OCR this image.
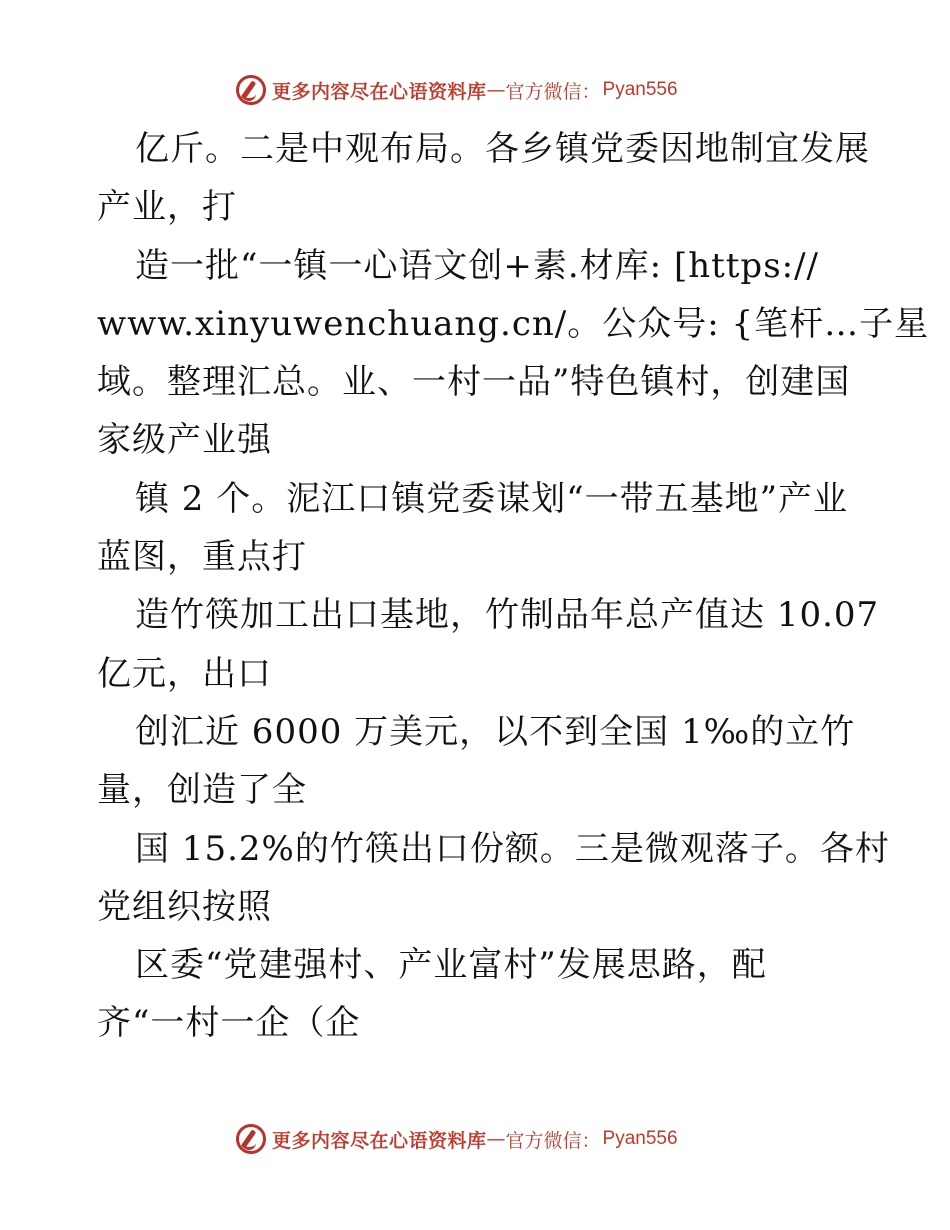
更多内容尽在心语资料库 — 官方微信： Pyan556
亿斤。二是中观布局。各乡镇党委因地制宜发展
产业，打
造一批“一镇一心语文创+素.材库: [https://
www.xinyuwenchuang.cn/。公众号: {笔杆…子星
域。整理汇总。业、一村一品”特色镇村，创建国
家级产业强
镇 2 个。泥江口镇党委谋划“一带五基地”产业
蓝图，重点打
造竹筷加工出口基地，竹制品年总产值达 10.07
亿元，出口
创汇近 6000 万美元，以不到全国 1‰的立竹
量，创造了全
国 15.2%的竹筷出口份额。三是微观落子。各村
党组织按照
区委“党建强村、产业富村”发展思路，配
齐“一村一企（企
更多内容尽在心语资料库 — 官方微信： Pyan556
